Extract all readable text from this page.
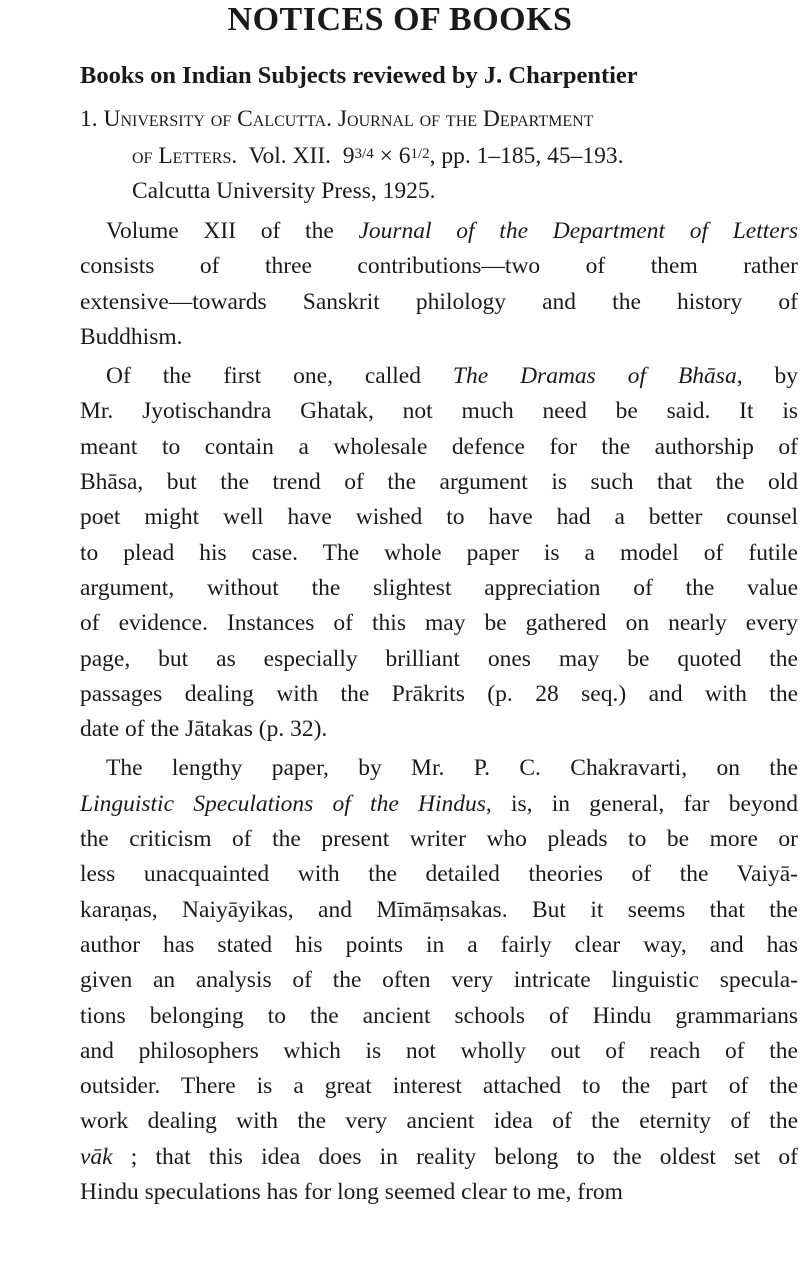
NOTICES OF BOOKS
Books on Indian Subjects reviewed by J. Charpentier
1. University of Calcutta. Journal of the Department
of Letters. Vol. XII. $9^{3/4} \times 6^{1/2}$, pp. 1–185, 45–193.
Calcutta University Press, 1925.

Volume XII of the Journal of the Department of Letters
consists of three contributions—two of them rather
extensive—towards Sanskrit philology and the history of
Buddhism.

Of the first one, called The Dramas of Bhāsa, by
Mr. Jyotischandra Ghatak, not much need be said. It is
meant to contain a wholesale defence for the authorship of
Bhāsa, but the trend of the argument is such that the old
poet might well have wished to have had a better counsel
to plead his case. The whole paper is a model of futile
argument, without the slightest appreciation of the value
of evidence. Instances of this may be gathered on nearly every
page, but as especially brilliant ones may be quoted the
passages dealing with the Prākrits (p. 28 seq.) and with the
date of the Jātakas (p. 32).

The lengthy paper, by Mr. P. C. Chakravarti, on the
Linguistic Speculations of the Hindus, is, in general, far beyond
the criticism of the present writer who pleads to be more or
less unacquainted with the detailed theories of the Vaiyā-
karaṇas, Naiyāyikas, and Mīmāṃsakas. But it seems that the
author has stated his points in a fairly clear way, and has
given an analysis of the often very intricate linguistic specula-
tions belonging to the ancient schools of Hindu grammarians
and philosophers which is not wholly out of reach of the
outsider. There is a great interest attached to the part of the
work dealing with the very ancient idea of the eternity of the
vāk ; that this idea does in reality belong to the oldest set of
Hindu speculations has for long seemed clear to me, from
